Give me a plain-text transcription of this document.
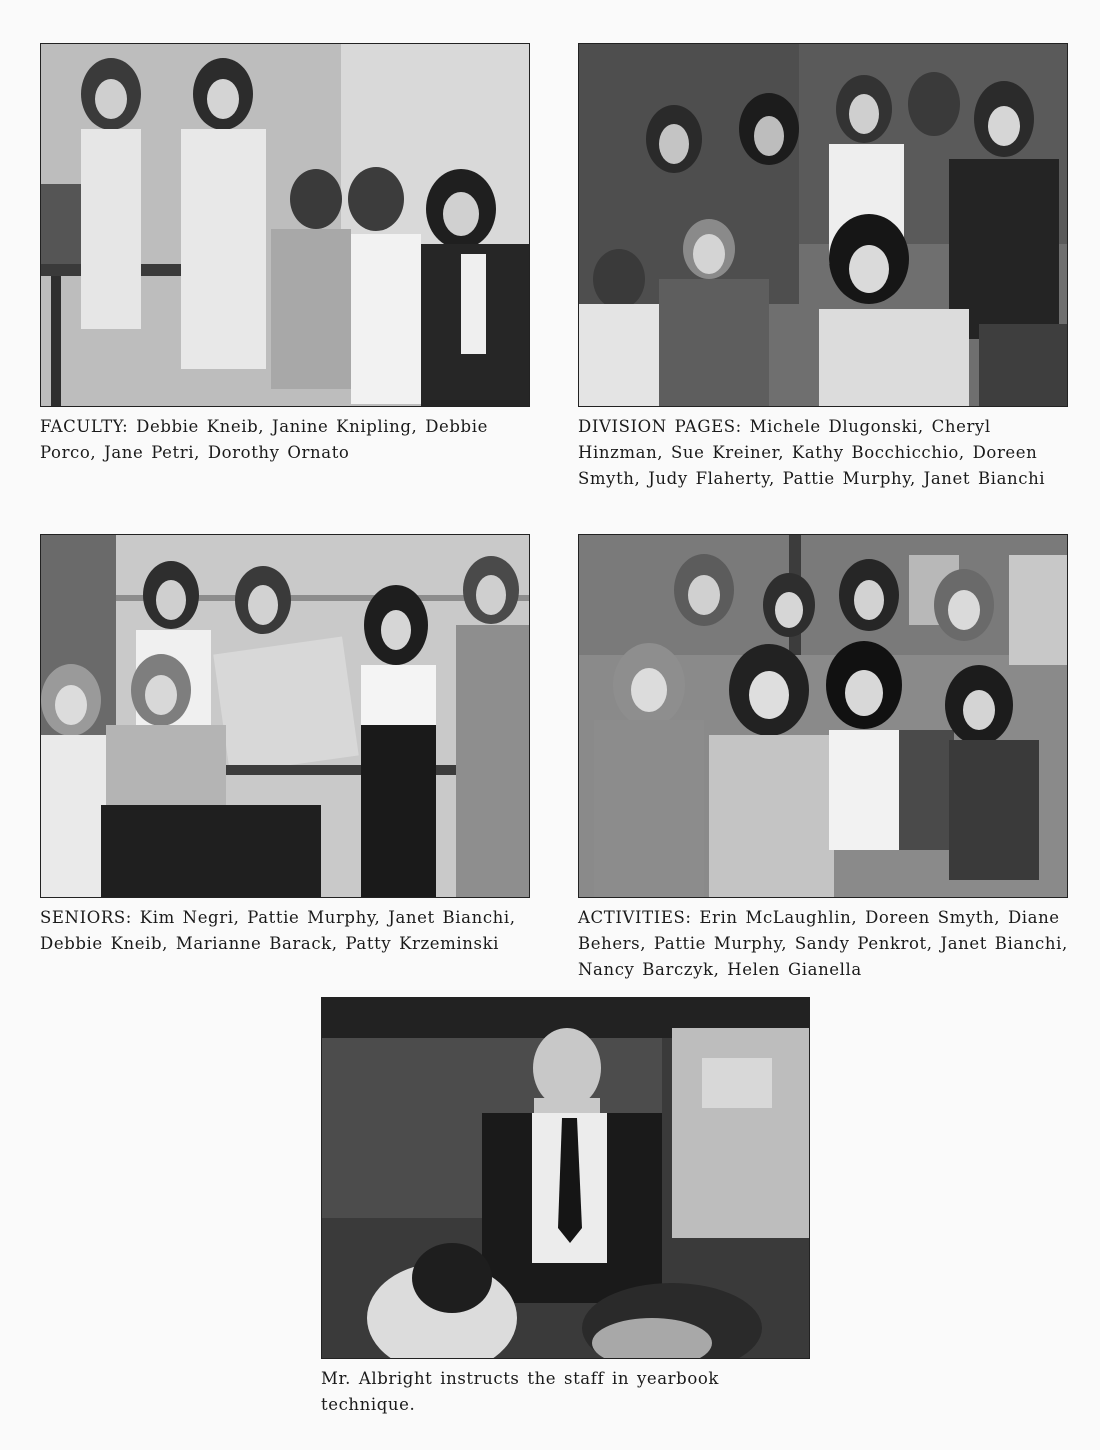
FACULTY: Debbie Kneib, Janine Knipling, Debbie Porco, Jane Petri, Dorothy Ornato

DIVISION PAGES: Michele Dlugonski, Cheryl Hinzman, Sue Kreiner, Kathy Bocchicchio, Doreen Smyth, Judy Flaherty, Pattie Murphy, Janet Bianchi

SENIORS: Kim Negri, Pattie Murphy, Janet Bianchi, Debbie Kneib, Marianne Barack, Patty Krzeminski

ACTIVITIES: Erin McLaughlin, Doreen Smyth, Diane Behers, Pattie Murphy, Sandy Penkrot, Janet Bianchi, Nancy Barczyk, Helen Gianella

Mr. Albright instructs the staff in yearbook technique.
